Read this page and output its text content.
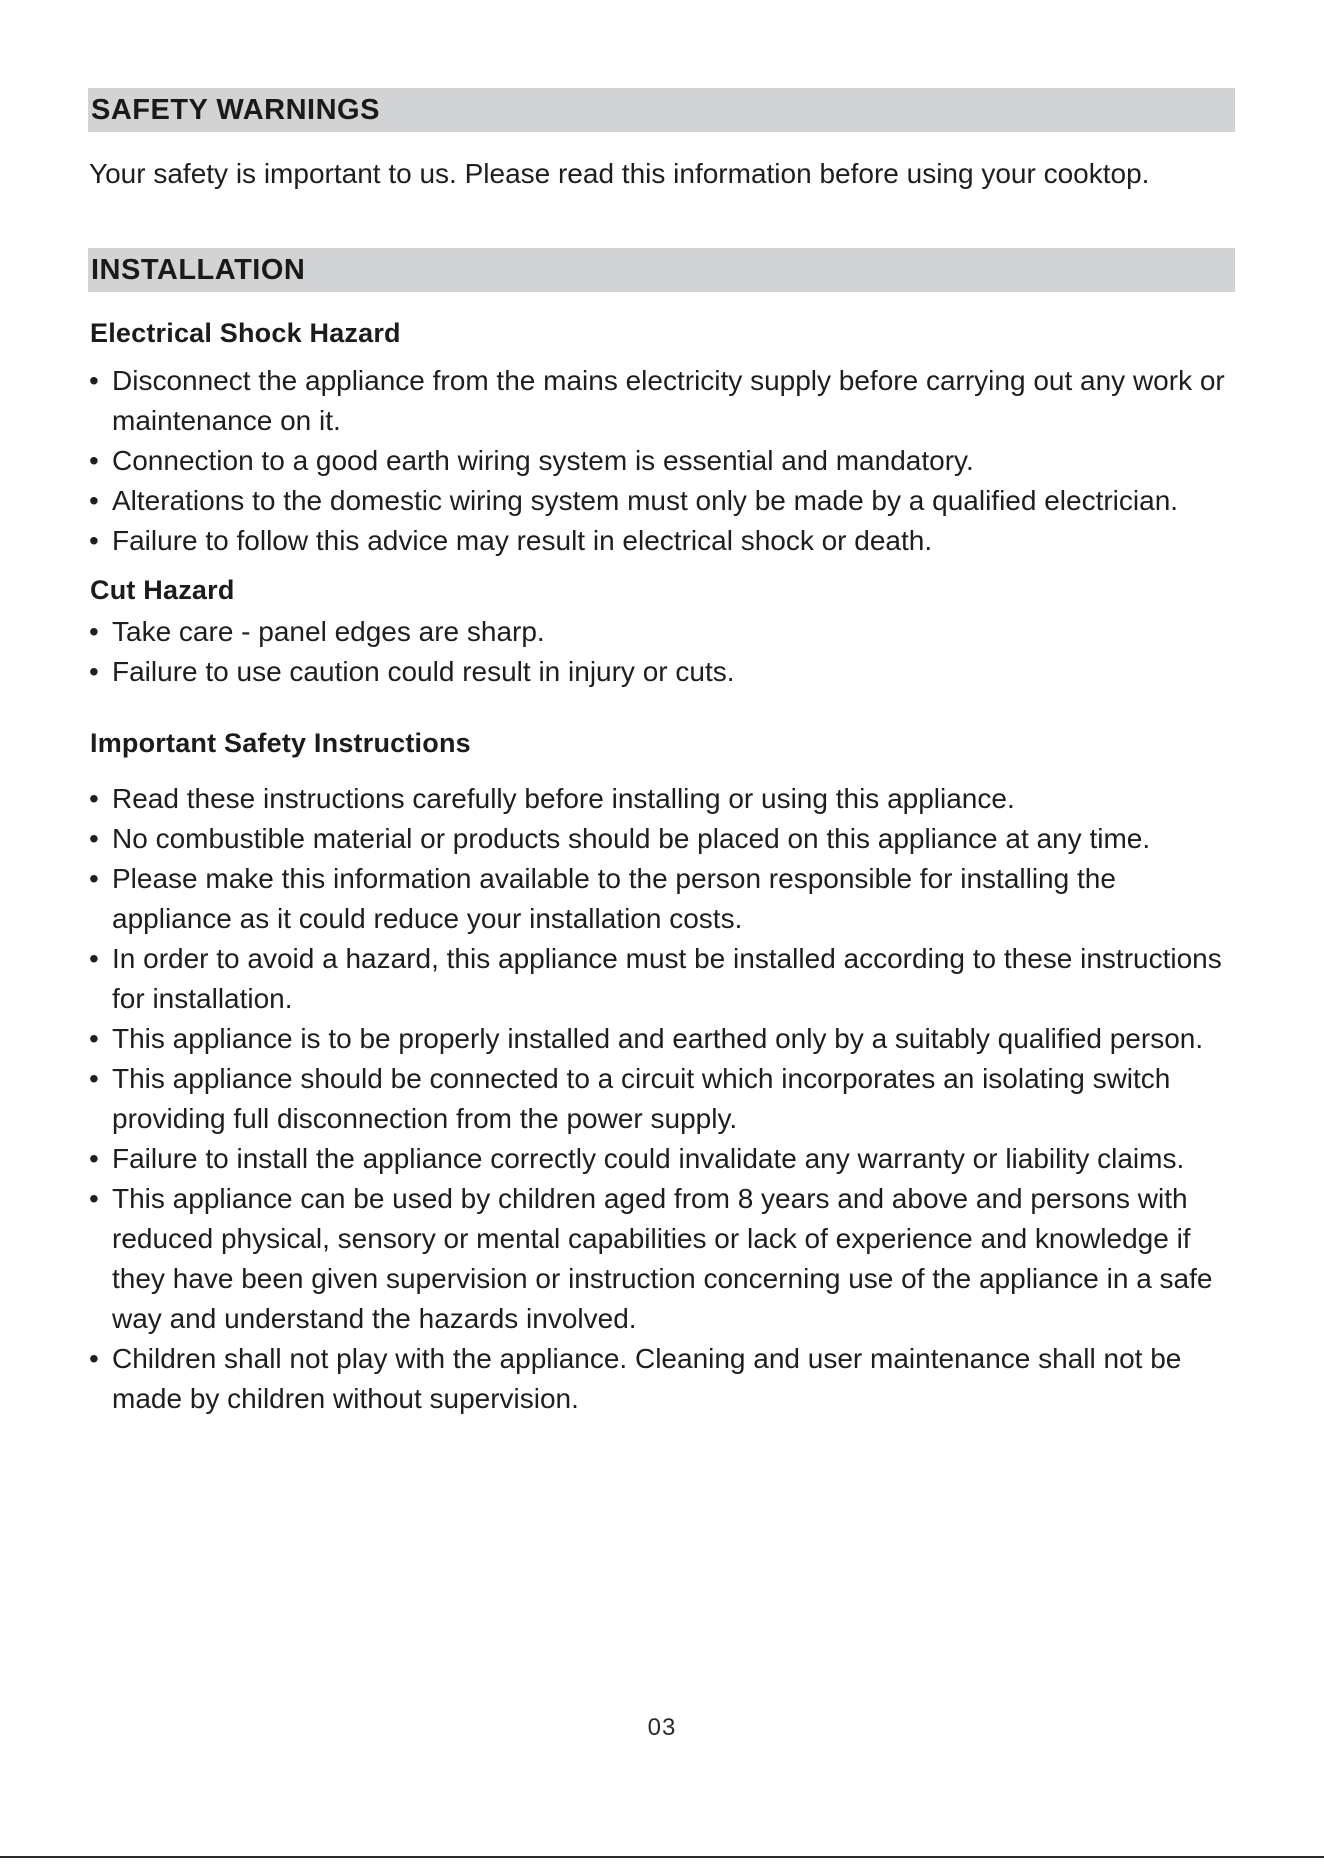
SAFETY WARNINGS
Your safety is important to us. Please read this information before using your cooktop.
INSTALLATION
Electrical Shock Hazard
• Disconnect the appliance from the mains electricity supply before carrying out any work or maintenance on it.
• Connection to a good earth wiring system is essential and mandatory.
• Alterations to the domestic wiring system must only be made by a qualified electrician.
• Failure to follow this advice may result in electrical shock or death.
Cut Hazard
• Take care - panel edges are sharp.
• Failure to use caution could result in injury or cuts.
Important Safety Instructions
• Read these instructions carefully before installing or using this appliance.
• No combustible material or products should be placed on this appliance at any time.
• Please make this information available to the person responsible for installing the appliance as it could reduce your installation costs.
• In order to avoid a hazard, this appliance must be installed according to these instructions for installation.
• This appliance is to be properly installed and earthed only by a suitably qualified person.
• This appliance should be connected to a circuit which incorporates an isolating switch providing full disconnection from the power supply.
• Failure to install the appliance correctly could invalidate any warranty or liability claims.
• This appliance can be used by children aged from 8 years and above and persons with reduced physical, sensory or mental capabilities or lack of experience and knowledge if they have been given supervision or instruction concerning use of the appliance in a safe way and understand the hazards involved.
• Children shall not play with the appliance. Cleaning and user maintenance shall not be made by children without supervision.
03
